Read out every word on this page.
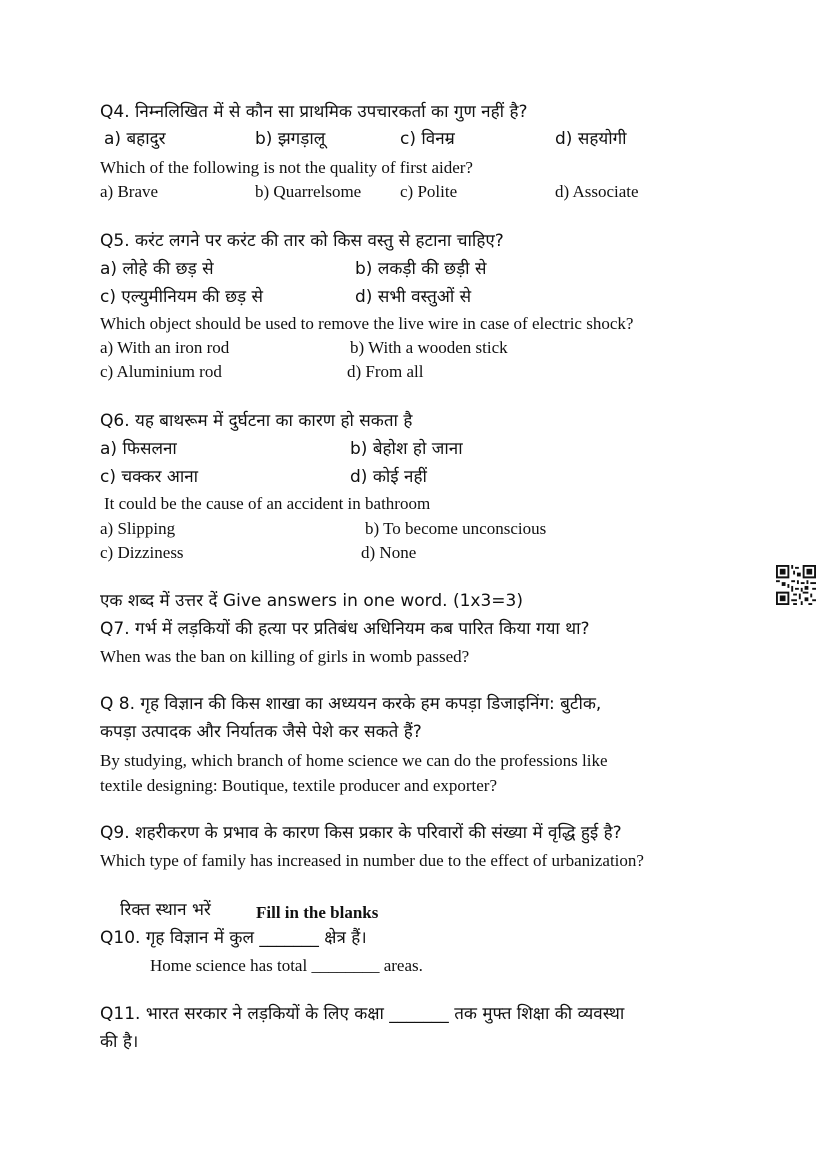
Q4. निम्नलिखित में से कौन सा प्राथमिक उपचारकर्ता का गुण नहीं है?
a) बहादुर	b) झगड़ालू	c) विनम्र	d) सहयोगी
Which of the following is not the quality of first aider?
a) Brave	b) Quarrelsome c) Polite	d) Associate
Q5. करंट लगने पर करंट की तार को किस वस्तु से हटाना चाहिए?
a) लोहे की छड़ से	b) लकड़ी की छड़ी से
c) एल्युमीनियम की छड़ से	d) सभी वस्तुओं से
Which object should be used to remove the live wire in case of electric shock?
a) With an iron rod	b) With a wooden stick
c) Aluminium rod	d) From all
Q6. यह बाथरूम में दुर्घटना का कारण हो सकता है
a) फिसलना	b) बेहोश हो जाना
c) चक्कर आना	d) कोई नहीं
It could be the cause of an accident in bathroom
a) Slipping	b) To become unconscious
c) Dizziness	d) None
एक शब्द में उत्तर दें Give answers in one word. (1x3=3)
Q7. गर्भ में लड़कियों की हत्या पर प्रतिबंध अधिनियम कब पारित किया गया था?
When was the ban on killing of girls in womb passed?
Q 8. गृह विज्ञान की किस शाखा का अध्ययन करके हम कपड़ा डिजाइनिंग: बुटीक,
कपड़ा उत्पादक और निर्यातक जैसे पेशे कर सकते हैं?
By studying, which branch of home science we can do the professions like
textile designing: Boutique, textile producer and exporter?
Q9. शहरीकरण के प्रभाव के कारण किस प्रकार के परिवारों की संख्या में वृद्धि हुई है?
Which type of family has increased in number due to the effect of urbanization?
रिक्त स्थान भरें	Fill in the blanks
Q10. गृह विज्ञान में कुल _______ क्षेत्र हैं।
Home science has total ________ areas.
Q11. भारत सरकार ने लड़कियों के लिए कक्षा _______ तक मुफ्त शिक्षा की व्यवस्था
की है।
